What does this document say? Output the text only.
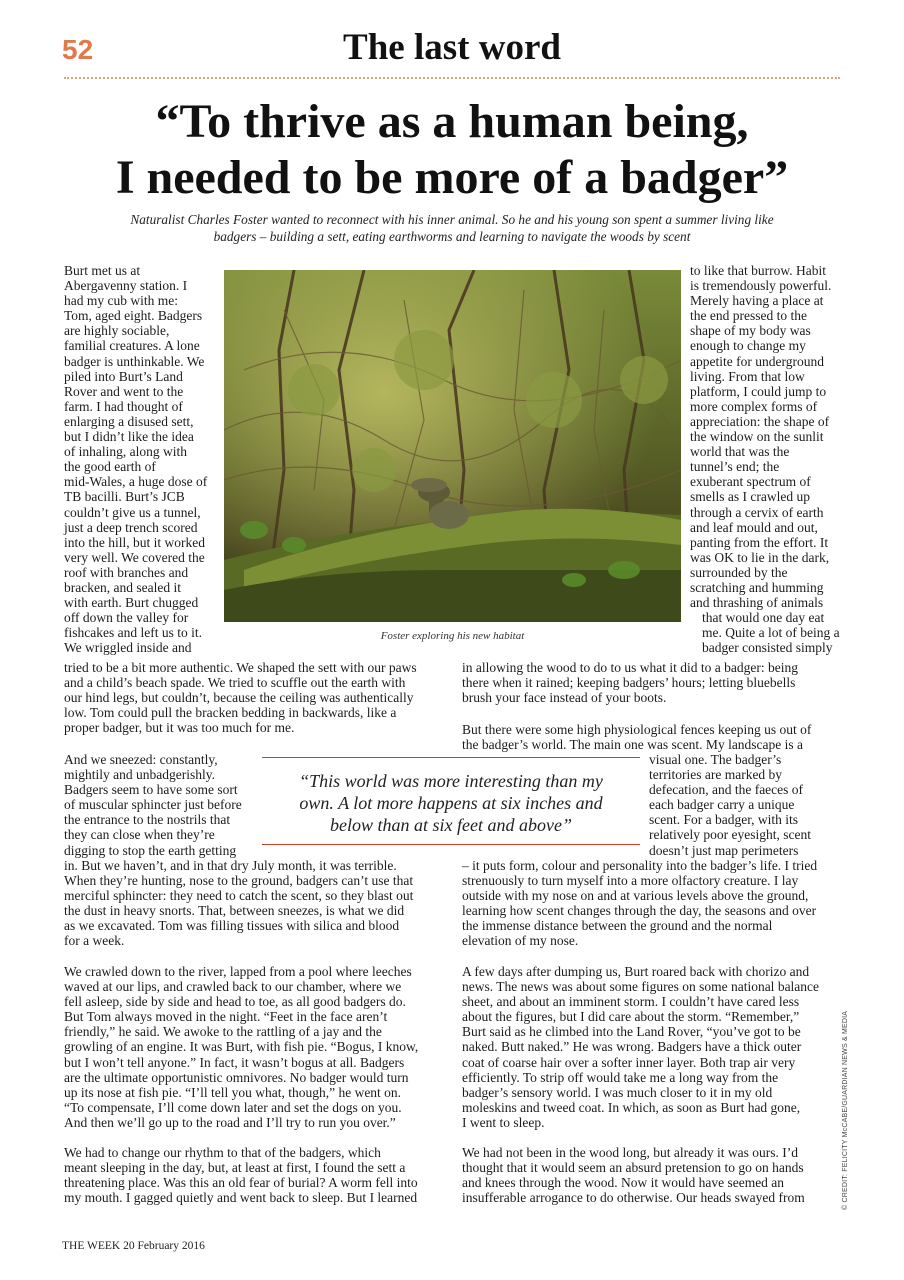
52	The last word
“To thrive as a human being,
I needed to be more of a badger”
Naturalist Charles Foster wanted to reconnect with his inner animal. So he and his young son spent a summer living like
badgers – building a sett, eating earthworms and learning to navigate the woods by scent
Foster exploring his new habitat
Burt met us at
Abergavenny station. I
had my cub with me:
Tom, aged eight. Badgers
are highly sociable,
familial creatures. A lone
badger is unthinkable. We
piled into Burt’s Land
Rover and went to the
farm. I had thought of
enlarging a disused sett,
but I didn’t like the idea
of inhaling, along with
the good earth of
mid-Wales, a huge dose of
TB bacilli. Burt’s JCB
couldn’t give us a tunnel,
just a deep trench scored
into the hill, but it worked
very well. We covered the
roof with branches and
bracken, and sealed it
with earth. Burt chugged
off down the valley for
fishcakes and left us to it.
We wriggled inside and
to like that burrow. Habit
is tremendously powerful.
Merely having a place at
the end pressed to the
shape of my body was
enough to change my
appetite for underground
living. From that low
platform, I could jump to
more complex forms of
appreciation: the shape of
the window on the sunlit
world that was the
tunnel’s end; the
exuberant spectrum of
smells as I crawled up
through a cervix of earth
and leaf mould and out,
panting from the effort. It
was OK to lie in the dark,
surrounded by the
scratching and humming
and thrashing of animals
that would one day eat
me. Quite a lot of being a
badger consisted simply
tried to be a bit more authentic. We shaped the sett with our paws
and a child’s beach spade. We tried to scuffle out the earth with
our hind legs, but couldn’t, because the ceiling was authentically
low. Tom could pull the bracken bedding in backwards, like a
proper badger, but it was too much for me.
And we sneezed: constantly,
mightily and unbadgerishly.
Badgers seem to have some sort
of muscular sphincter just before
the entrance to the nostrils that
they can close when they’re
digging to stop the earth getting
in. But we haven’t, and in that dry July month, it was terrible.
When they’re hunting, nose to the ground, badgers can’t use that
merciful sphincter: they need to catch the scent, so they blast out
the dust in heavy snorts. That, between sneezes, is what we did
as we excavated. Tom was filling tissues with silica and blood
for a week.
We crawled down to the river, lapped from a pool where leeches
waved at our lips, and crawled back to our chamber, where we
fell asleep, side by side and head to toe, as all good badgers do.
But Tom always moved in the night. “Feet in the face aren’t
friendly,” he said. We awoke to the rattling of a jay and the
growling of an engine. It was Burt, with fish pie. “Bogus, I know,
but I won’t tell anyone.” In fact, it wasn’t bogus at all. Badgers
are the ultimate opportunistic omnivores. No badger would turn
up its nose at fish pie. “I’ll tell you what, though,” he went on.
“To compensate, I’ll come down later and set the dogs on you.
And then we’ll go up to the road and I’ll try to run you over.”
We had to change our rhythm to that of the badgers, which
meant sleeping in the day, but, at least at first, I found the sett a
threatening place. Was this an old fear of burial? A worm fell into
my mouth. I gagged quietly and went back to sleep. But I learned
in allowing the wood to do to us what it did to a badger: being
there when it rained; keeping badgers’ hours; letting bluebells
brush your face instead of your boots.
But there were some high physiological fences keeping us out of
the badger’s world. The main one was scent. My landscape is a
visual one. The badger’s
territories are marked by
defecation, and the faeces of
each badger carry a unique
scent. For a badger, with its
relatively poor eyesight, scent
doesn’t just map perimeters
– it puts form, colour and personality into the badger’s life. I tried
strenuously to turn myself into a more olfactory creature. I lay
outside with my nose on and at various levels above the ground,
learning how scent changes through the day, the seasons and over
the immense distance between the ground and the normal
elevation of my nose.
A few days after dumping us, Burt roared back with chorizo and
news. The news was about some figures on some national balance
sheet, and about an imminent storm. I couldn’t have cared less
about the figures, but I did care about the storm. “Remember,”
Burt said as he climbed into the Land Rover, “you’ve got to be
naked. Butt naked.” He was wrong. Badgers have a thick outer
coat of coarse hair over a softer inner layer. Both trap air very
efficiently. To strip off would take me a long way from the
badger’s sensory world. I was much closer to it in my old
moleskins and tweed coat. In which, as soon as Burt had gone,
I went to sleep.
We had not been in the wood long, but already it was ours. I’d
thought that it would seem an absurd pretension to go on hands
and knees through the wood. Now it would have seemed an
insufferable arrogance to do otherwise. Our heads swayed from
“This world was more interesting than my
own. A lot more happens at six inches and
below than at six feet and above”
THE WEEK 20 February 2016
© CREDIT: FELICITY McCABE/GUARDIAN NEWS & MEDIA
